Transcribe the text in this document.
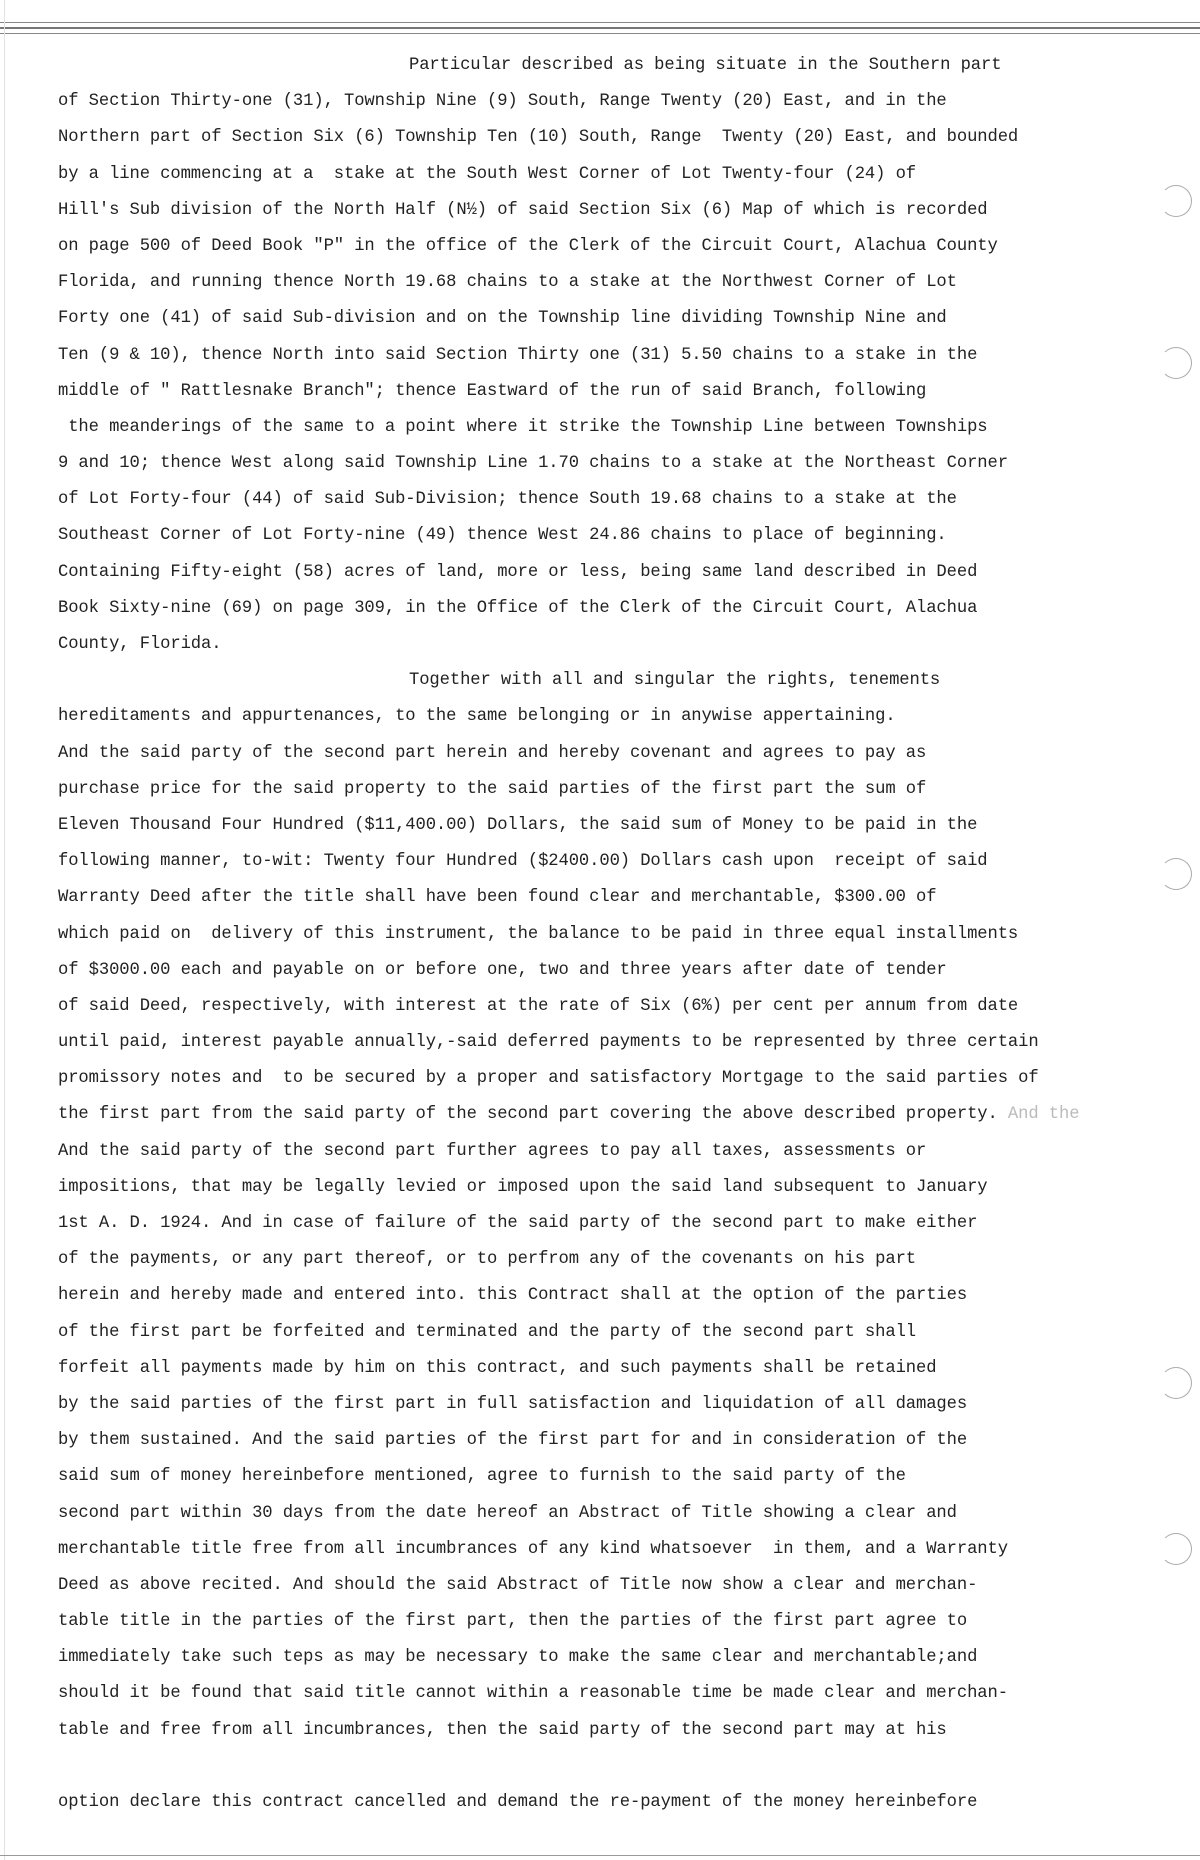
Particular described as being situate in the Southern part
of Section Thirty-one (31), Township Nine (9) South, Range Twenty (20) East, and in the
Northern part of Section Six (6) Township Ten (10) South, Range  Twenty (20) East, and bounded
by a line commencing at a  stake at the South West Corner of Lot Twenty-four (24) of
Hill's Sub division of the North Half (N½) of said Section Six (6) Map of which is recorded
on page 500 of Deed Book "P" in the office of the Clerk of the Circuit Court, Alachua County
Florida, and running thence North 19.68 chains to a stake at the Northwest Corner of Lot
Forty one (41) of said Sub-division and on the Township line dividing Township Nine and
Ten (9 & 10), thence North into said Section Thirty one (31) 5.50 chains to a stake in the
middle of " Rattlesnake Branch"; thence Eastward of the run of said Branch, following
the meanderings of the same to a point where it strike the Township Line between Townships
9 and 10; thence West along said Township Line 1.70 chains to a stake at the Northeast Corner
of Lot Forty-four (44) of said Sub-Division; thence South 19.68 chains to a stake at the
Southeast Corner of Lot Forty-nine (49) thence West 24.86 chains to place of beginning.
Containing Fifty-eight (58) acres of land, more or less, being same land described in Deed
Book Sixty-nine (69) on page 309, in the Office of the Clerk of the Circuit Court, Alachua
County, Florida.
Together with all and singular the rights, tenements
hereditaments and appurtenances, to the same belonging or in anywise appertaining.
And the said party of the second part herein and hereby covenant and agrees to pay as
purchase price for the said property to the said parties of the first part the sum of
Eleven Thousand Four Hundred ($11,400.00) Dollars, the said sum of Money to be paid in the
following manner, to-wit: Twenty four Hundred ($2400.00) Dollars cash upon  receipt of said
Warranty Deed after the title shall have been found clear and merchantable, $300.00 of
which paid on  delivery of this instrument, the balance to be paid in three equal installments
of $3000.00 each and payable on or before one, two and three years after date of tender
of said Deed, respectively, with interest at the rate of Six (6%) per cent per annum from date
until paid, interest payable annually,-said deferred payments to be represented by three certain
promissory notes and  to be secured by a proper and satisfactory Mortgage to the said parties of
the first part from the said party of the second part covering the above described property. And the
And the said party of the second part further agrees to pay all taxes, assessments or
impositions, that may be legally levied or imposed upon the said land subsequent to January
1st A. D. 1924. And in case of failure of the said party of the second part to make either
of the payments, or any part thereof, or to perfrom any of the covenants on his part
herein and hereby made and entered into. this Contract shall at the option of the parties
of the first part be forfeited and terminated and the party of the second part shall
forfeit all payments made by him on this contract, and such payments shall be retained
by the said parties of the first part in full satisfaction and liquidation of all damages
by them sustained. And the said parties of the first part for and in consideration of the
said sum of money hereinbefore mentioned, agree to furnish to the said party of the
second part within 30 days from the date hereof an Abstract of Title showing a clear and
merchantable title free from all incumbrances of any kind whatsoever  in them, and a Warranty
Deed as above recited. And should the said Abstract of Title now show a clear and merchan-
table title in the parties of the first part, then the parties of the first part agree to
immediately take such teps as may be necessary to make the same clear and merchantable;and
should it be found that said title cannot within a reasonable time be made clear and merchan-
table and free from all incumbrances, then the said party of the second part may at his
option declare this contract cancelled and demand the re-payment of the money hereinbefore
